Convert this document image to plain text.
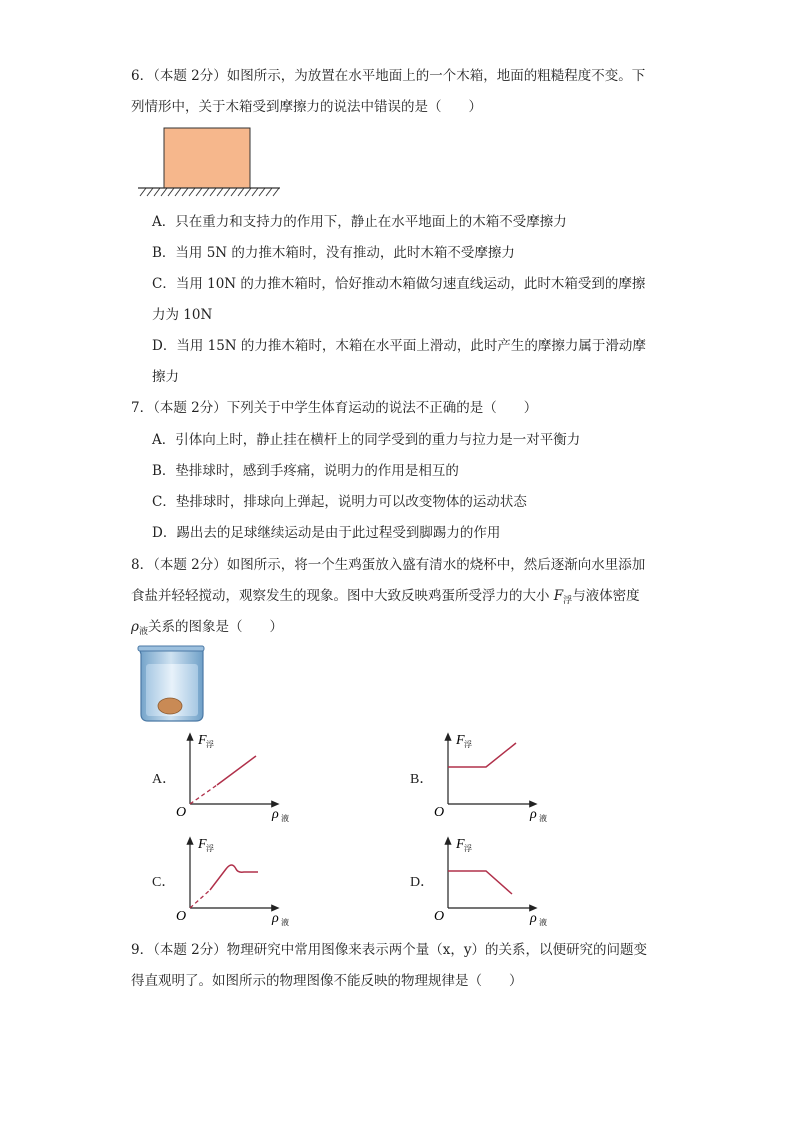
6．（本题 2分）如图所示，为放置在水平地面上的一个木箱，地面的粗糙程度不变。下
列情形中，关于木箱受到摩擦力的说法中错误的是（　　）
A．只在重力和支持力的作用下，静止在水平地面上的木箱不受摩擦力
B．当用 5N 的力推木箱时，没有推动，此时木箱不受摩擦力
C．当用 10N 的力推木箱时，恰好推动木箱做匀速直线运动，此时木箱受到的摩擦
力为 10N
D．当用 15N 的力推木箱时，木箱在水平面上滑动，此时产生的摩擦力属于滑动摩
擦力
7．（本题 2分）下列关于中学生体育运动的说法不正确的是（　　）
A．引体向上时，静止挂在横杆上的同学受到的重力与拉力是一对平衡力
B．垫排球时，感到手疼痛，说明力的作用是相互的
C．垫排球时，排球向上弹起，说明力可以改变物体的运动状态
D．踢出去的足球继续运动是由于此过程受到脚踢力的作用
8．（本题 2分）如图所示，将一个生鸡蛋放入盛有清水的烧杯中，然后逐渐向水里添加
食盐并轻轻搅动，观察发生的现象。图中大致反映鸡蛋所受浮力的大小 $F_浮$与液体密度
$\rho_液$关系的图象是（　　）
A．
O
F 浮
ρ 液
B．
O
F 浮
ρ 液
C．
O
F 浮
ρ 液
D．
O
F 浮
ρ 液
9．（本题 2分）物理研究中常用图像来表示两个量（x，y）的关系，以便研究的问题变
得直观明了。如图所示的物理图像不能反映的物理规律是（　　）
